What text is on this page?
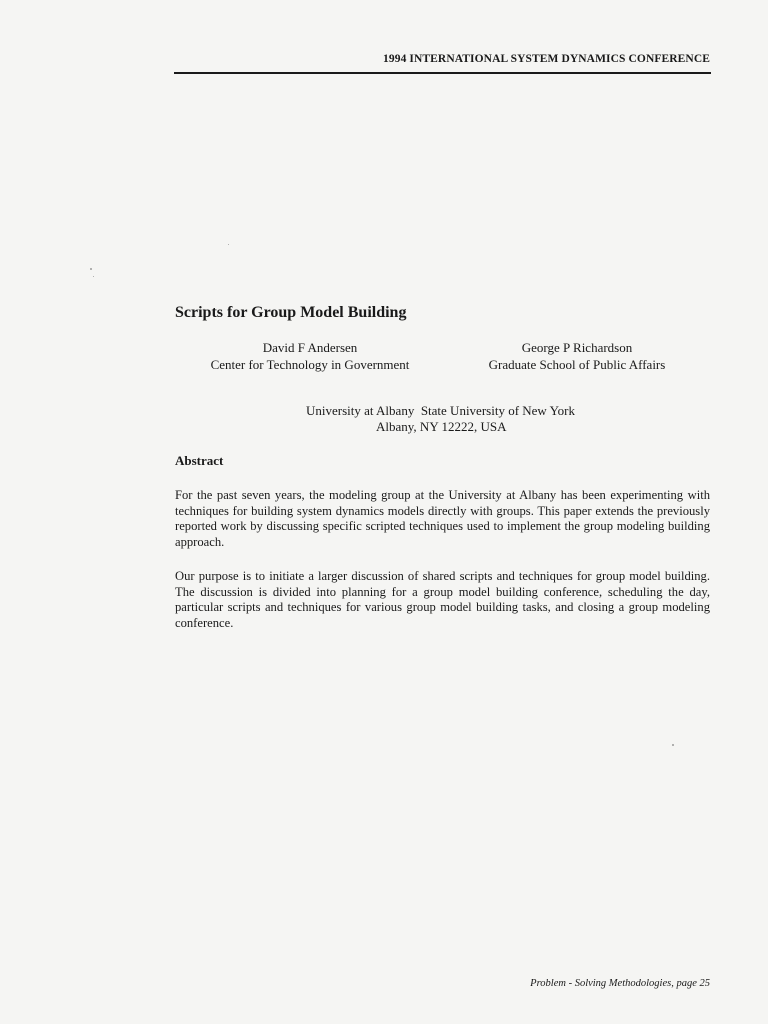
1994 INTERNATIONAL SYSTEM DYNAMICS CONFERENCE
Scripts for Group Model Building
David F Andersen
Center for Technology in Government
George P Richardson
Graduate School of Public Affairs
University at Albany  State University of New York
Albany, NY 12222, USA
Abstract

For the past seven years, the modeling group at the University at Albany has been experimenting with techniques for building system dynamics models directly with groups. This paper extends the previously reported work by discussing specific scripted techniques used to implement the group modeling building approach.

Our purpose is to initiate a larger discussion of shared scripts and techniques for group model building. The discussion is divided into planning for a group model building conference, scheduling the day, particular scripts and techniques for various group model building tasks, and closing a group modeling conference.

Problem - Solving Methodologies, page 25
